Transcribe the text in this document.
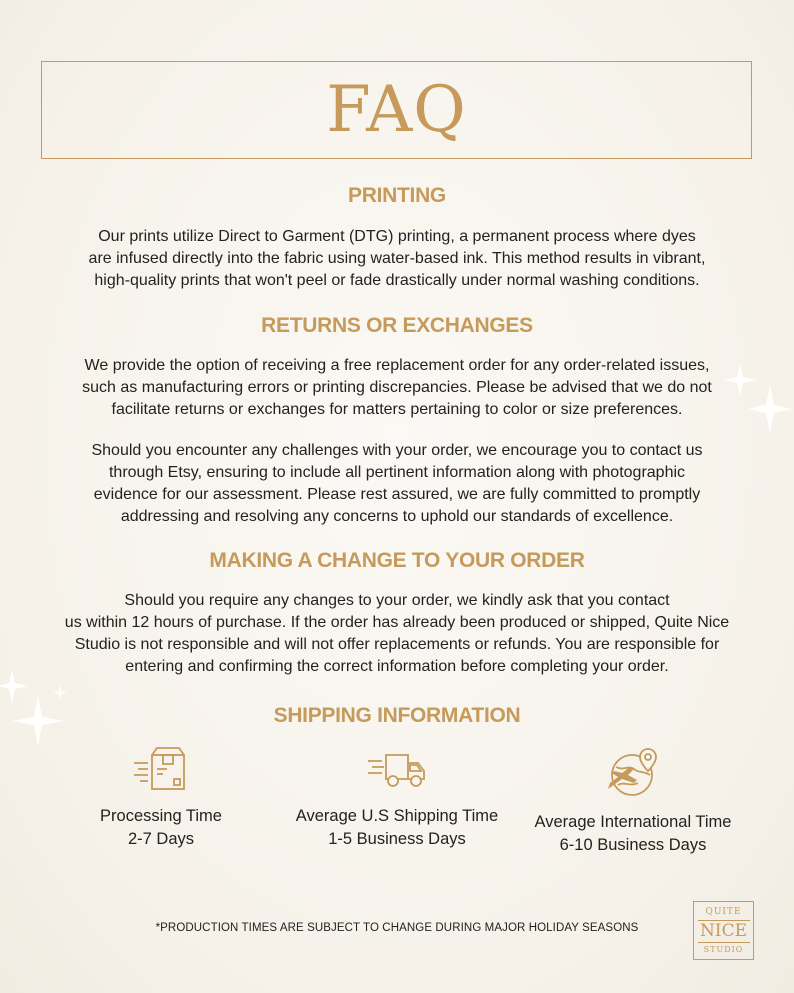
FAQ
PRINTING
Our prints utilize Direct to Garment (DTG) printing, a permanent process where dyes
are infused directly into the fabric using water-based ink. This method results in vibrant,
high-quality prints that won't peel or fade drastically under normal washing conditions.
RETURNS OR EXCHANGES
We provide the option of receiving a free replacement order for any order-related issues,
such as manufacturing errors or printing discrepancies. Please be advised that we do not
facilitate returns or exchanges for matters pertaining to color or size preferences.
Should you encounter any challenges with your order, we encourage you to contact us
through Etsy, ensuring to include all pertinent information along with photographic
evidence for our assessment. Please rest assured, we are fully committed to promptly
addressing and resolving any concerns to uphold our standards of excellence.
MAKING A CHANGE TO YOUR ORDER
Should you require any changes to your order, we kindly ask that you contact
us within 12 hours of purchase. If the order has already been produced or shipped, Quite Nice
Studio is not responsible and will not offer replacements or refunds. You are responsible for
entering and confirming the correct information before completing your order.
SHIPPING INFORMATION
Processing Time
2-7 Days
Average U.S Shipping Time
1-5 Business Days
Average International Time
6-10 Business Days
*PRODUCTION TIMES ARE SUBJECT TO CHANGE DURING MAJOR HOLIDAY SEASONS
QUITE
NICE
STUDIO
